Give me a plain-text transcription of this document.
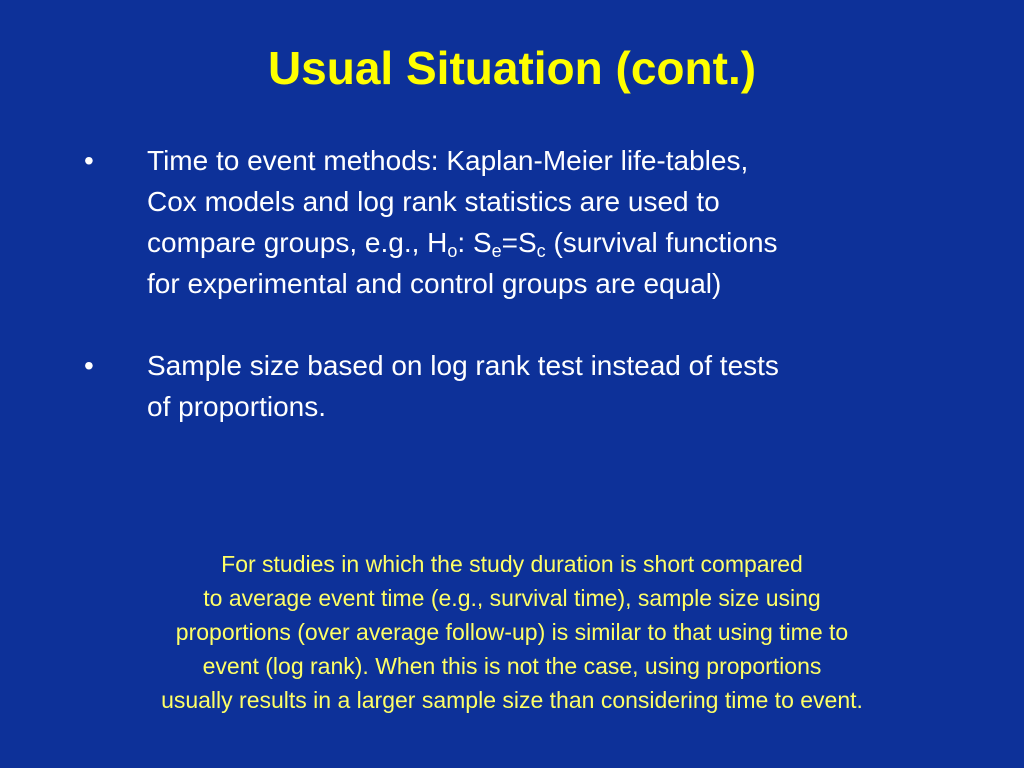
Usual Situation (cont.)
•	Time to event methods: Kaplan-Meier life-tables,
Cox models and log rank statistics are used to
compare groups, e.g., $H_o$: $S_e=S_c$ (survival functions
for experimental and control groups are equal)
•	Sample size based on log rank test instead of tests
of proportions.

For studies in which the study duration is short compared
to average event time (e.g., survival time), sample size using
proportions (over average follow-up) is similar to that using time to
event (log rank). When this is not the case, using proportions
usually results in a larger sample size than considering time to event.
